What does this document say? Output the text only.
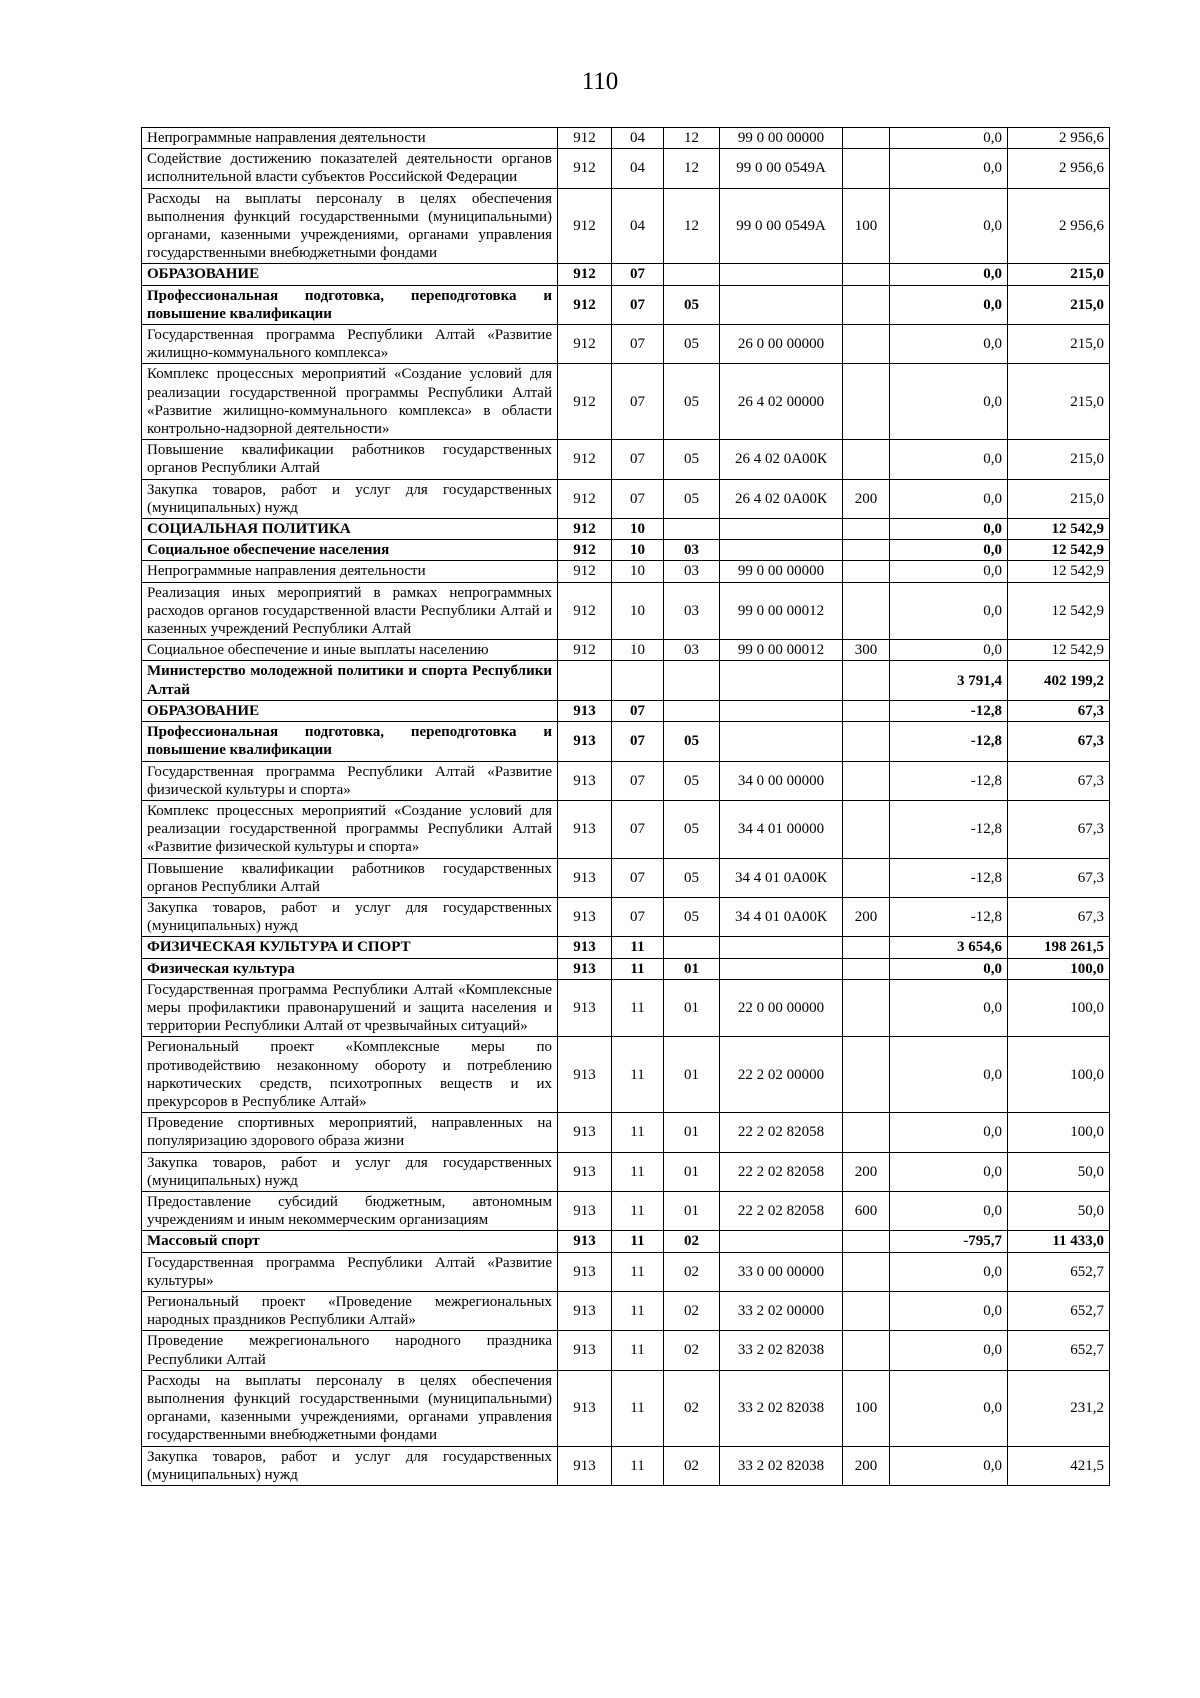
110
Непрограммные направления деятельности	912	04	12	99 0 00 00000		0,0	2 956,6
Содействие достижению показателей деятельности органов исполнительной власти субъектов Российской Федерации	912	04	12	99 0 00 0549А		0,0	2 956,6
Расходы на выплаты персоналу в целях обеспечения выполнения функций государственными (муниципальными) органами, казенными учреждениями, органами управления государственными внебюджетными фондами	912	04	12	99 0 00 0549А	100	0,0	2 956,6
ОБРАЗОВАНИЕ	912	07				0,0	215,0
Профессиональная подготовка, переподготовка и повышение квалификации	912	07	05			0,0	215,0
Государственная программа Республики Алтай «Развитие жилищно-коммунального комплекса»	912	07	05	26 0 00 00000		0,0	215,0
Комплекс процессных мероприятий «Создание условий для реализации государственной программы Республики Алтай «Развитие жилищно-коммунального комплекса» в области контрольно-надзорной деятельности»	912	07	05	26 4 02 00000		0,0	215,0
Повышение квалификации работников государственных органов Республики Алтай	912	07	05	26 4 02 0А00К		0,0	215,0
Закупка товаров, работ и услуг для государственных (муниципальных) нужд	912	07	05	26 4 02 0А00К	200	0,0	215,0
СОЦИАЛЬНАЯ ПОЛИТИКА	912	10				0,0	12 542,9
Социальное обеспечение населения	912	10	03			0,0	12 542,9
Непрограммные направления деятельности	912	10	03	99 0 00 00000		0,0	12 542,9
Реализация иных мероприятий в рамках непрограммных расходов органов государственной власти Республики Алтай и казенных учреждений Республики Алтай	912	10	03	99 0 00 00012		0,0	12 542,9
Социальное обеспечение и иные выплаты населению	912	10	03	99 0 00 00012	300	0,0	12 542,9
Министерство молодежной политики и спорта Республики Алтай						3 791,4	402 199,2
ОБРАЗОВАНИЕ	913	07				-12,8	67,3
Профессиональная подготовка, переподготовка и повышение квалификации	913	07	05			-12,8	67,3
Государственная программа Республики Алтай «Развитие физической культуры и спорта»	913	07	05	34 0 00 00000		-12,8	67,3
Комплекс процессных мероприятий «Создание условий для реализации государственной программы Республики Алтай «Развитие физической культуры и спорта»	913	07	05	34 4 01 00000		-12,8	67,3
Повышение квалификации работников государственных органов Республики Алтай	913	07	05	34 4 01 0А00К		-12,8	67,3
Закупка товаров, работ и услуг для государственных (муниципальных) нужд	913	07	05	34 4 01 0А00К	200	-12,8	67,3
ФИЗИЧЕСКАЯ КУЛЬТУРА И СПОРТ	913	11				3 654,6	198 261,5
Физическая культура	913	11	01			0,0	100,0
Государственная программа Республики Алтай «Комплексные меры профилактики правонарушений и защита населения и территории Республики Алтай от чрезвычайных ситуаций»	913	11	01	22 0 00 00000		0,0	100,0
Региональный проект «Комплексные меры по противодействию незаконному обороту и потреблению наркотических средств, психотропных веществ и их прекурсоров в Республике Алтай»	913	11	01	22 2 02 00000		0,0	100,0
Проведение спортивных мероприятий, направленных на популяризацию здорового образа жизни	913	11	01	22 2 02 82058		0,0	100,0
Закупка товаров, работ и услуг для государственных (муниципальных) нужд	913	11	01	22 2 02 82058	200	0,0	50,0
Предоставление субсидий бюджетным, автономным учреждениям и иным некоммерческим организациям	913	11	01	22 2 02 82058	600	0,0	50,0
Массовый спорт	913	11	02			-795,7	11 433,0
Государственная программа Республики Алтай «Развитие культуры»	913	11	02	33 0 00 00000		0,0	652,7
Региональный проект «Проведение межрегиональных народных праздников Республики Алтай»	913	11	02	33 2 02 00000		0,0	652,7
Проведение межрегионального народного праздника Республики Алтай	913	11	02	33 2 02 82038		0,0	652,7
Расходы на выплаты персоналу в целях обеспечения выполнения функций государственными (муниципальными) органами, казенными учреждениями, органами управления государственными внебюджетными фондами	913	11	02	33 2 02 82038	100	0,0	231,2
Закупка товаров, работ и услуг для государственных (муниципальных) нужд	913	11	02	33 2 02 82038	200	0,0	421,5
